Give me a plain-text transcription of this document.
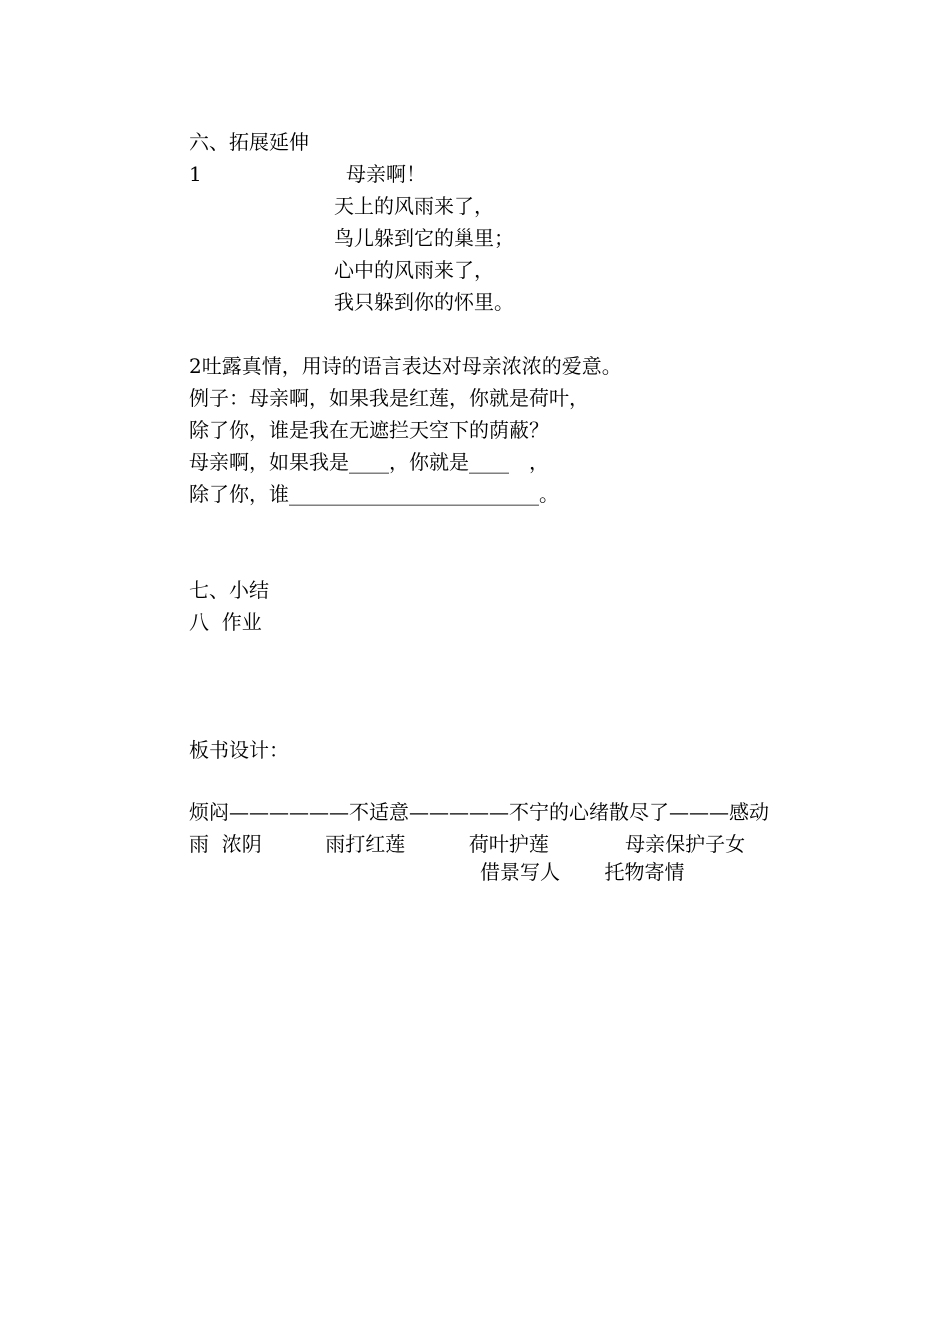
六、拓展延伸
1	母亲啊！
天上的风雨来了，
鸟儿躲到它的巢里；
心中的风雨来了，
我只躲到你的怀里。
2吐露真情，用诗的语言表达对母亲浓浓的爱意。
例子：母亲啊，如果我是红莲，你就是荷叶，
除了你，谁是我在无遮拦天空下的荫蔽？
母亲啊，如果我是____，你就是____　，
除了你，谁_________________________。
七、小结
八  作业
板书设计：
烦闷——————不适意—————不宁的心绪散尽了———感动
雨  浓阴          雨打红莲          荷叶护莲            母亲保护子女
借景写人       托物寄情
